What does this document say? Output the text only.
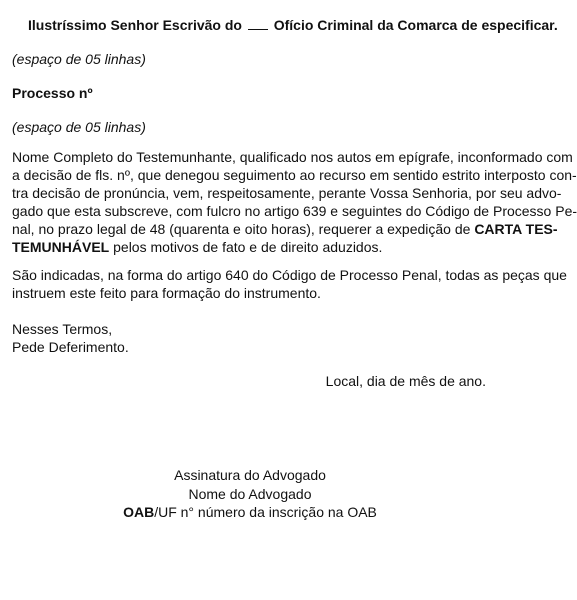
Ilustríssimo Senhor Escrivão do Ofício Criminal da Comarca de especificar.
(espaço de 05 linhas)
Processo nº
(espaço de 05 linhas)
Nome Completo do Testemunhante, qualificado nos autos em epígrafe, inconformado com
a decisão de fls. nº, que denegou seguimento ao recurso em sentido estrito interposto con-
tra decisão de pronúncia, vem, respeitosamente, perante Vossa Senhoria, por seu advo-
gado que esta subscreve, com fulcro no artigo 639 e seguintes do Código de Processo Pe-
nal, no prazo legal de 48 (quarenta e oito horas), requerer a expedição de CARTA TES-
TEMUNHÁVEL pelos motivos de fato e de direito aduzidos.
São indicadas, na forma do artigo 640 do Código de Processo Penal, todas as peças que
instruem este feito para formação do instrumento.
Nesses Termos,
Pede Deferimento.
Local, dia de mês de ano.
Assinatura do Advogado
Nome do Advogado
OAB/UF n° número da inscrição na OAB
